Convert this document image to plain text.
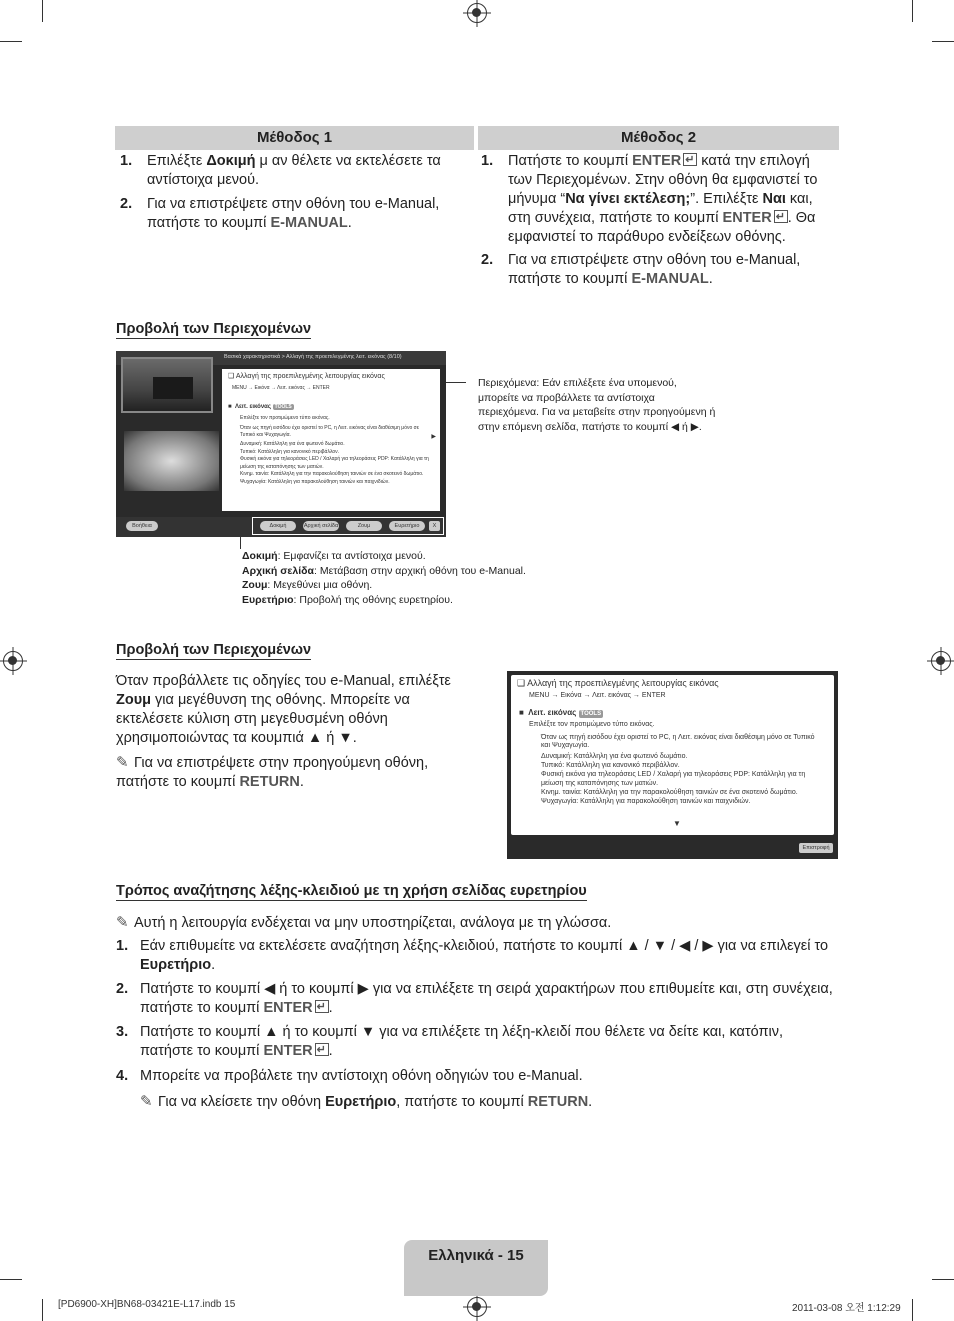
Μέθοδος 1	Μέθοδος 2
1. Επιλέξτε Δοκιμή μ αν θέλετε να εκτελέσετε τα αντίστοιχα μενού.
2. Για να επιστρέψετε στην οθόνη του e-Manual, πατήστε το κουμπί E-MANUAL.
1. Πατήστε το κουμπί ENTER↵ κατά την επιλογή των Περιεχομένων. Στην οθόνη θα εμφανιστεί το μήνυμα “Να γίνει εκτέλεση;”. Επιλέξτε Ναι και, στη συνέχεια, πατήστε το κουμπί ENTER ↵ . Θα εμφανιστεί το παράθυρο ενδείξεων οθόνης.
2. Για να επιστρέψετε στην οθόνη του e-Manual, πατήστε το κουμπί E-MANUAL.
Προβολή των Περιεχομένων
Βασικά χαρακτηριστικά > Αλλαγή της προεπιλεγμένης λειτ. εικόνας (8/10)
❑ Αλλαγή της προεπιλεγμένης λειτουργίας εικόνας
MENU → Εικόνα → Λειτ. εικόνας → ENTER
■  Λειτ. εικόνας TOOLS
Επιλέξτε τον προτιμώμενο τύπο εικόνας.
Όταν ως πηγή εισόδου έχει οριστεί το PC, η Λειτ. εικόνας είναι διαθέσιμη μόνο σε Τυπικό και Ψυχαγωγία.
Δυναμική: Κατάλληλη για ένα φωτεινό δωμάτιο.
Τυπικό: Κατάλληλη για κανονικό περιβάλλον.
Φυσική εικόνα για τηλεοράσεις LED / Χαλαρή για τηλεοράσεις PDP: Κατάλληλη για τη μείωση της καταπόνησης των ματιών.
Κινημ. ταινία: Κατάλληλη για την παρακολούθηση ταινιών σε ένα σκοτεινό δωμάτιο.
Ψυχαγωγία: Κατάλληλη για παρακολούθηση ταινιών και παιχνιδιών.
▶
Βοήθεια	Δοκιμή	Αρχική σελίδα	Ζουμ	Ευρετήριο	X
Περιεχόμενα: Εάν επιλέξετε ένα υπομενού, μπορείτε να προβάλλετε τα αντίστοιχα περιεχόμενα. Για να μεταβείτε στην προηγούμενη ή στην επόμενη σελίδα, πατήστε το κουμπί ◀ ή ▶.
Δοκιμή: Εμφανίζει τα αντίστοιχα μενού.
Αρχική σελίδα: Μετάβαση στην αρχική οθόνη του e-Manual.
Ζουμ: Μεγεθύνει μια οθόνη.
Ευρετήριο: Προβολή της οθόνης ευρετηρίου.
Προβολή των Περιεχομένων
Όταν προβάλλετε τις οδηγίες του e-Manual, επιλέξτε Ζουμ για μεγέθυνση της οθόνης. Μπορείτε να εκτελέσετε κύλιση στη μεγεθυσμένη οθόνη χρησιμοποιώντας τα κουμπιά ▲ ή ▼.
✎ Για να επιστρέψετε στην προηγούμενη οθόνη, πατήστε το κουμπί RETURN.
❑ Αλλαγή της προεπιλεγμένης λειτουργίας εικόνας
MENU → Εικόνα → Λειτ. εικόνας → ENTER
■  Λειτ. εικόνας TOOLS
Επιλέξτε τον προτιμώμενο τύπο εικόνας.
Όταν ως πηγή εισόδου έχει οριστεί το PC, η Λειτ. εικόνας είναι διαθέσιμη μόνο σε Τυπικό και Ψυχαγωγία.
Δυναμική: Κατάλληλη για ένα φωτεινό δωμάτιο.
Τυπικό: Κατάλληλη για κανονικό περιβάλλον.
Φυσική εικόνα για τηλεοράσεις LED / Χαλαρή για τηλεοράσεις PDP: Κατάλληλη για τη μείωση της καταπόνησης των ματιών.
Κινημ. ταινία: Κατάλληλη για την παρακολούθηση ταινιών σε ένα σκοτεινό δωμάτιο.
Ψυχαγωγία: Κατάλληλη για παρακολούθηση ταινιών και παιχνιδιών.
▼
Επιστροφή
Τρόπος αναζήτησης λέξης-κλειδιού με τη χρήση σελίδας ευρετηρίου
✎ Αυτή η λειτουργία ενδέχεται να μην υποστηρίζεται, ανάλογα με τη γλώσσα.
1. Εάν επιθυμείτε να εκτελέσετε αναζήτηση λέξης-κλειδιού, πατήστε το κουμπί ▲ / ▼ / ◀ / ▶ για να επιλεγεί το Ευρετήριο.
2. Πατήστε το κουμπί ◀ ή το κουμπί ▶ για να επιλέξετε τη σειρά χαρακτήρων που επιθυμείτε και, στη συνέχεια, πατήστε το κουμπί ENTER ↵ .
3. Πατήστε το κουμπί ▲ ή το κουμπί ▼ για να επιλέξετε τη λέξη-κλειδί που θέλετε να δείτε και, κατόπιν, πατήστε το κουμπί ENTER ↵ .
4. Μπορείτε να προβάλετε την αντίστοιχη οθόνη οδηγιών του e-Manual.
✎ Για να κλείσετε την οθόνη Ευρετήριο, πατήστε το κουμπί RETURN.
Ελληνικά - 15
[PD6900-XH]BN68-03421E-L17.indb 15	2011-03-08 오전 1:12:29
